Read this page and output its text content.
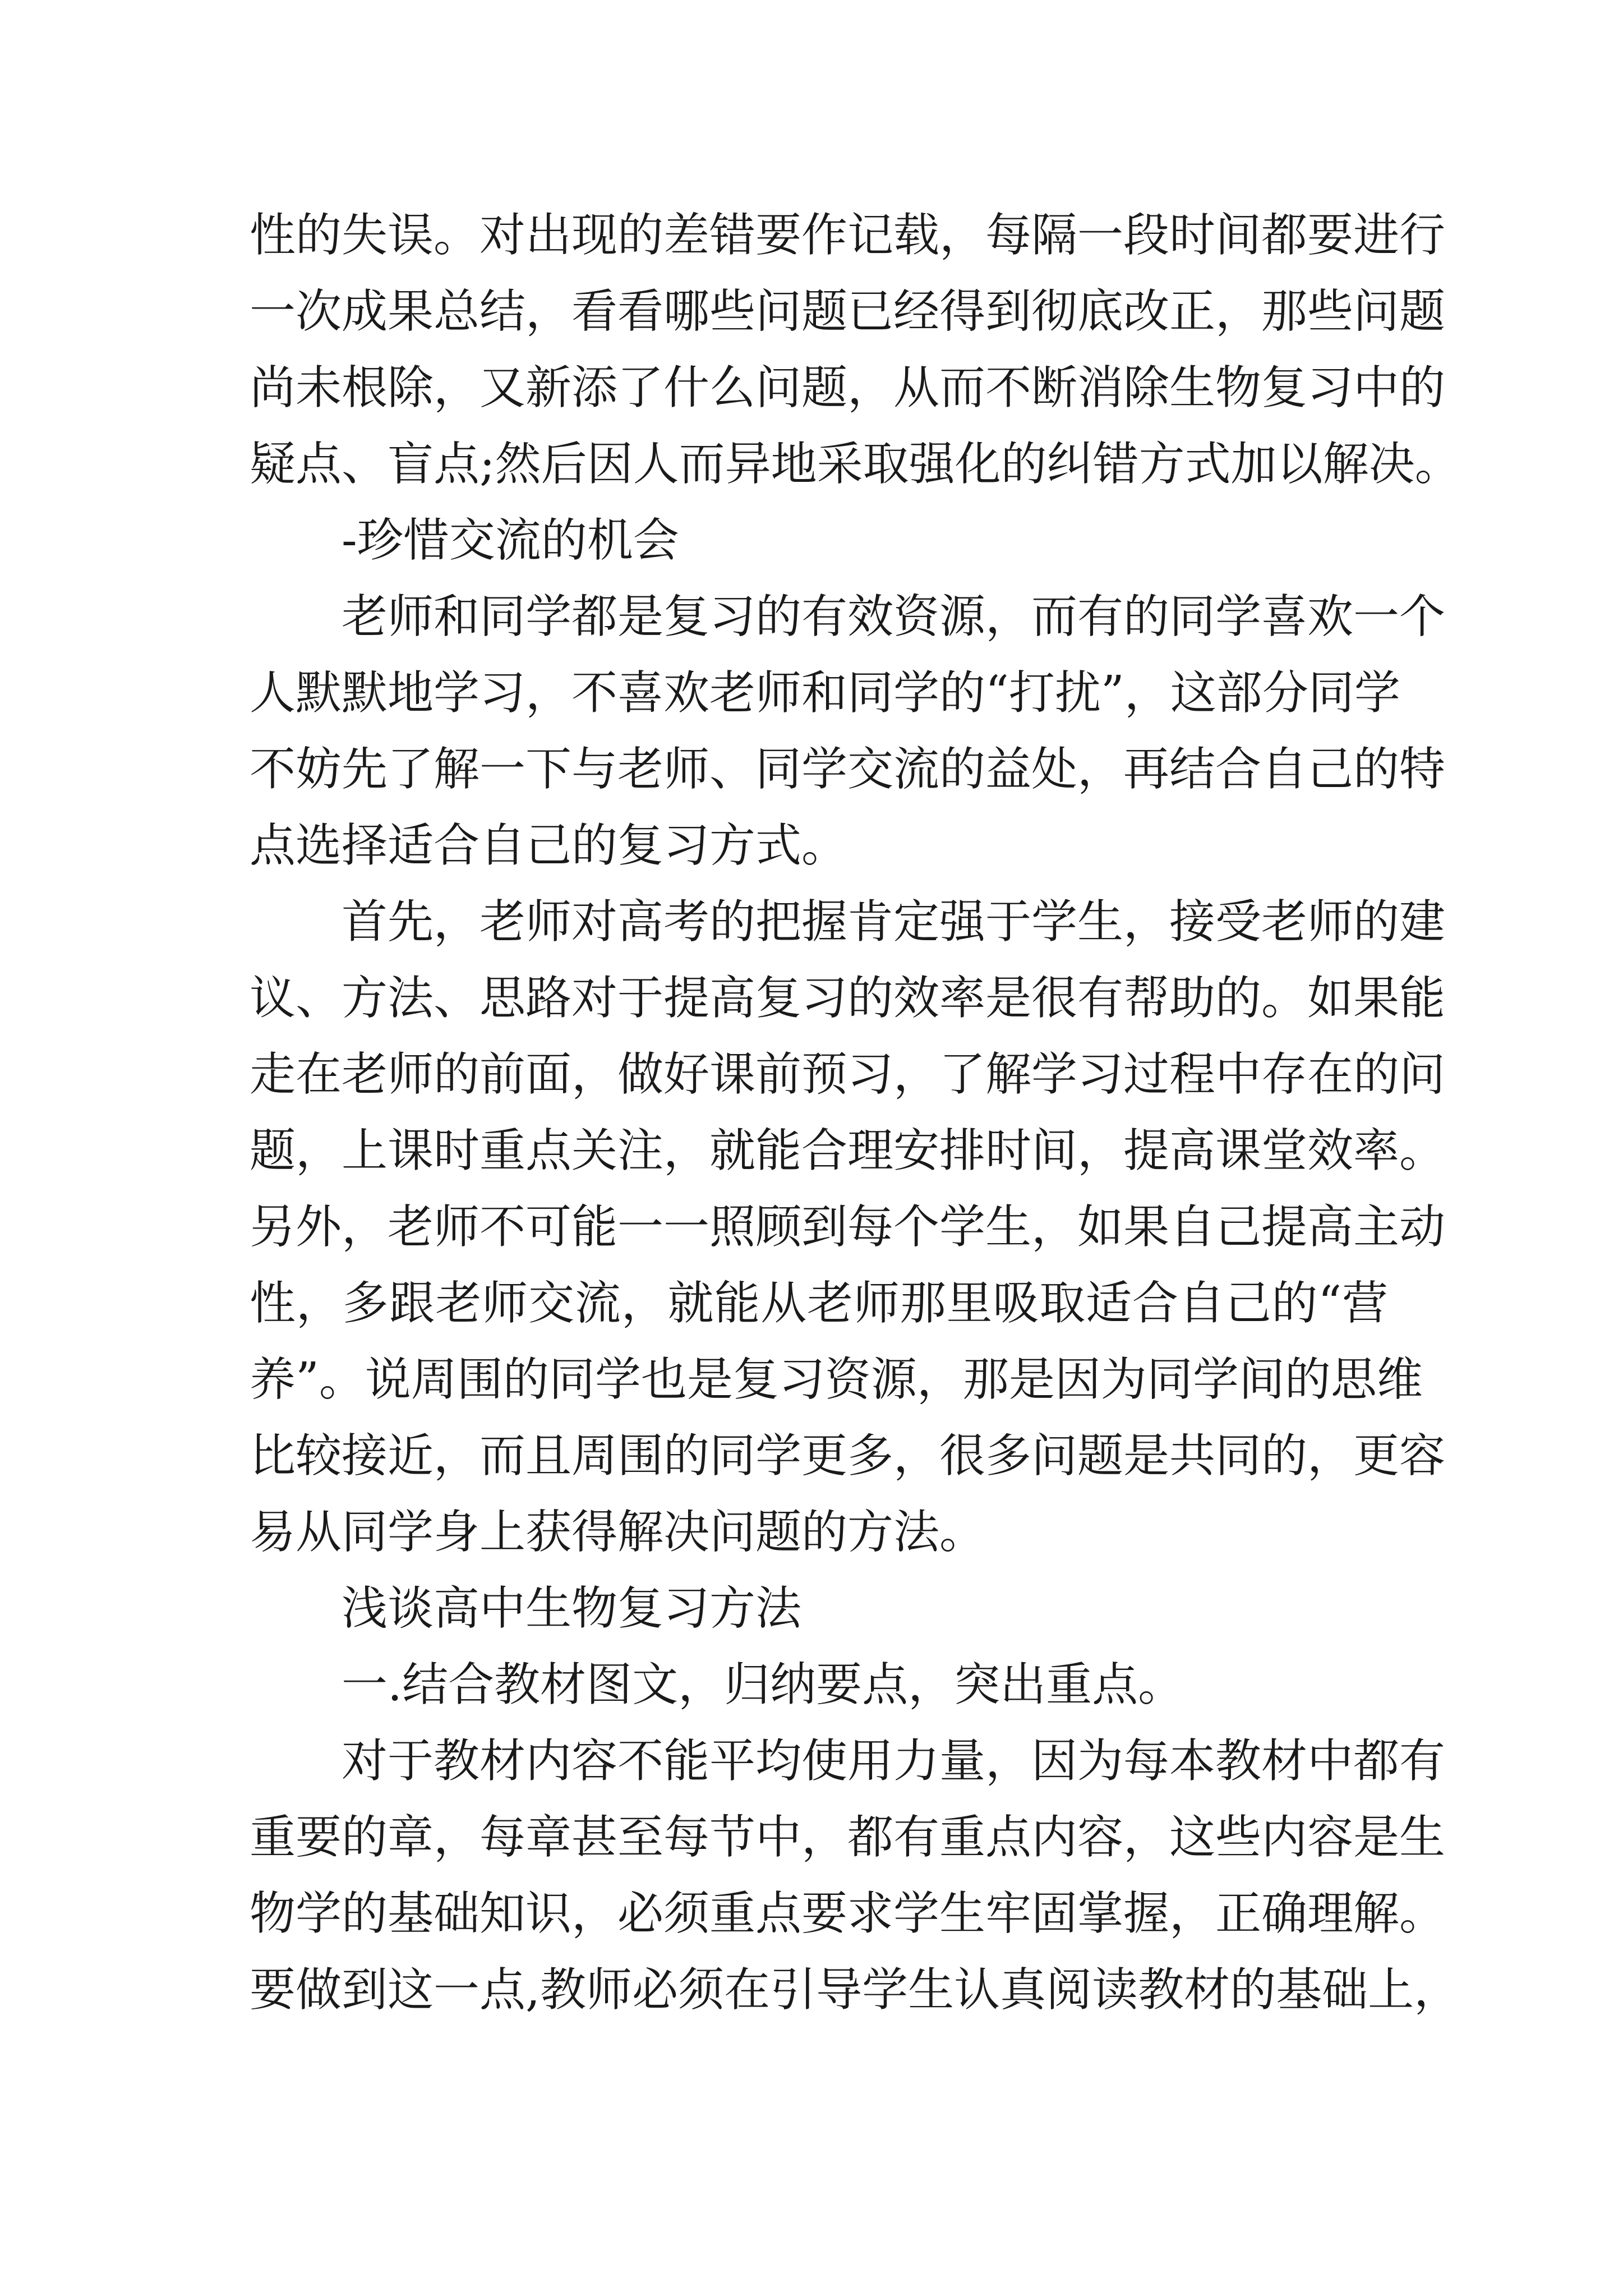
性的失误。对出现的差错要作记载，每隔一段时间都要进行
一次成果总结，看看哪些问题已经得到彻底改正，那些问题
尚未根除，又新添了什么问题，从而不断消除生物复习中的
疑点、盲点;然后因人而异地采取强化的纠错方式加以解决。
-珍惜交流的机会
老师和同学都是复习的有效资源，而有的同学喜欢一个
人默默地学习，不喜欢老师和同学的“打扰”，这部分同学
不妨先了解一下与老师、同学交流的益处，再结合自己的特
点选择适合自己的复习方式。
首先，老师对高考的把握肯定强于学生，接受老师的建
议、方法、思路对于提高复习的效率是很有帮助的。如果能
走在老师的前面，做好课前预习，了解学习过程中存在的问
题，上课时重点关注，就能合理安排时间，提高课堂效率。
另外，老师不可能一一照顾到每个学生，如果自己提高主动
性，多跟老师交流，就能从老师那里吸取适合自己的“营
养”。说周围的同学也是复习资源，那是因为同学间的思维
比较接近，而且周围的同学更多，很多问题是共同的，更容
易从同学身上获得解决问题的方法。
浅谈高中生物复习方法
一.结合教材图文，归纳要点，突出重点。
对于教材内容不能平均使用力量，因为每本教材中都有
重要的章，每章甚至每节中，都有重点内容，这些内容是生
物学的基础知识，必须重点要求学生牢固掌握，正确理解。
要做到这一点,教师必须在引导学生认真阅读教材的基础上，
